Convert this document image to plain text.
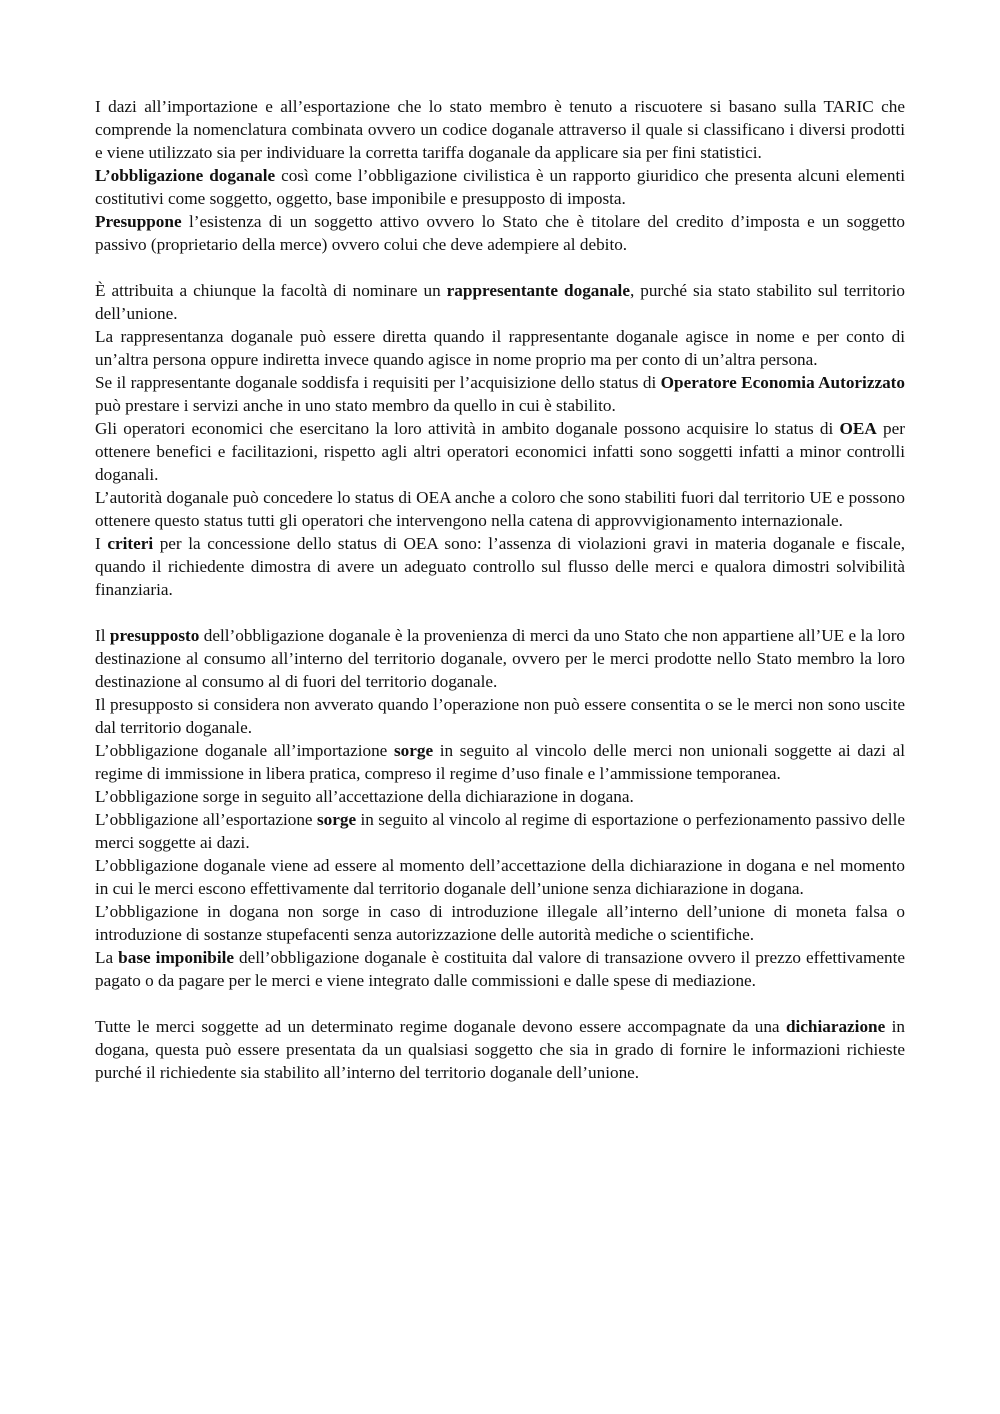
I dazi all’importazione e all’esportazione che lo stato membro è tenuto a riscuotere si basano sulla TARIC che comprende la nomenclatura combinata ovvero un codice doganale attraverso il quale si classificano i diversi prodotti e viene utilizzato sia per individuare la corretta tariffa doganale da applicare sia per fini statistici.

L’obbligazione doganale così come l’obbligazione civilistica è un rapporto giuridico che presenta alcuni elementi costitutivi come soggetto, oggetto, base imponibile e presupposto di imposta.

Presuppone l’esistenza di un soggetto attivo ovvero lo Stato che è titolare del credito d’imposta e un soggetto passivo (proprietario della merce) ovvero colui che deve adempiere al debito.

È attribuita a chiunque la facoltà di nominare un rappresentante doganale, purché sia stato stabilito sul territorio dell’unione.

La rappresentanza doganale può essere diretta quando il rappresentante doganale agisce in nome e per conto di un’altra persona oppure indiretta invece quando agisce in nome proprio ma per conto di un’altra persona.

Se il rappresentante doganale soddisfa i requisiti per l’acquisizione dello status di Operatore Economia Autorizzato può prestare i servizi anche in uno stato membro da quello in cui è stabilito.

Gli operatori economici che esercitano la loro attività in ambito doganale possono acquisire lo status di OEA per ottenere benefici e facilitazioni, rispetto agli altri operatori economici infatti sono soggetti infatti a minor controlli doganali.

L’autorità doganale può concedere lo status di OEA anche a coloro che sono stabiliti fuori dal territorio UE e possono ottenere questo status tutti gli operatori che intervengono nella catena di approvvigionamento internazionale.

I criteri per la concessione dello status di OEA sono: l’assenza di violazioni gravi in materia doganale e fiscale, quando il richiedente dimostra di avere un adeguato controllo sul flusso delle merci e qualora dimostri solvibilità finanziaria.

Il presupposto dell’obbligazione doganale è la provenienza di merci da uno Stato che non appartiene all’UE e la loro destinazione al consumo all’interno del territorio doganale, ovvero per le merci prodotte nello Stato membro la loro destinazione al consumo al di fuori del territorio doganale.

Il presupposto si considera non avverato quando l’operazione non può essere consentita o se le merci non sono uscite dal territorio doganale.

L’obbligazione doganale all’importazione sorge in seguito al vincolo delle merci non unionali soggette ai dazi al regime di immissione in libera pratica, compreso il regime d’uso finale e l’ammissione temporanea.

L’obbligazione sorge in seguito all’accettazione della dichiarazione in dogana.

L’obbligazione all’esportazione sorge in seguito al vincolo al regime di esportazione o perfezionamento passivo delle merci soggette ai dazi.

L’obbligazione doganale viene ad essere al momento dell’accettazione della dichiarazione in dogana e nel momento in cui le merci escono effettivamente dal territorio doganale dell’unione senza dichiarazione in dogana.

L’obbligazione in dogana non sorge in caso di introduzione illegale all’interno dell’unione di moneta falsa o introduzione di sostanze stupefacenti senza autorizzazione delle autorità mediche o scientifiche.

La base imponibile dell’obbligazione doganale è costituita dal valore di transazione ovvero il prezzo effettivamente pagato o da pagare per le merci e viene integrato dalle commissioni e dalle spese di mediazione.

Tutte le merci soggette ad un determinato regime doganale devono essere accompagnate da una dichiarazione in dogana, questa può essere presentata da un qualsiasi soggetto che sia in grado di fornire le informazioni richieste purché il richiedente sia stabilito all’interno del territorio doganale dell’unione.
